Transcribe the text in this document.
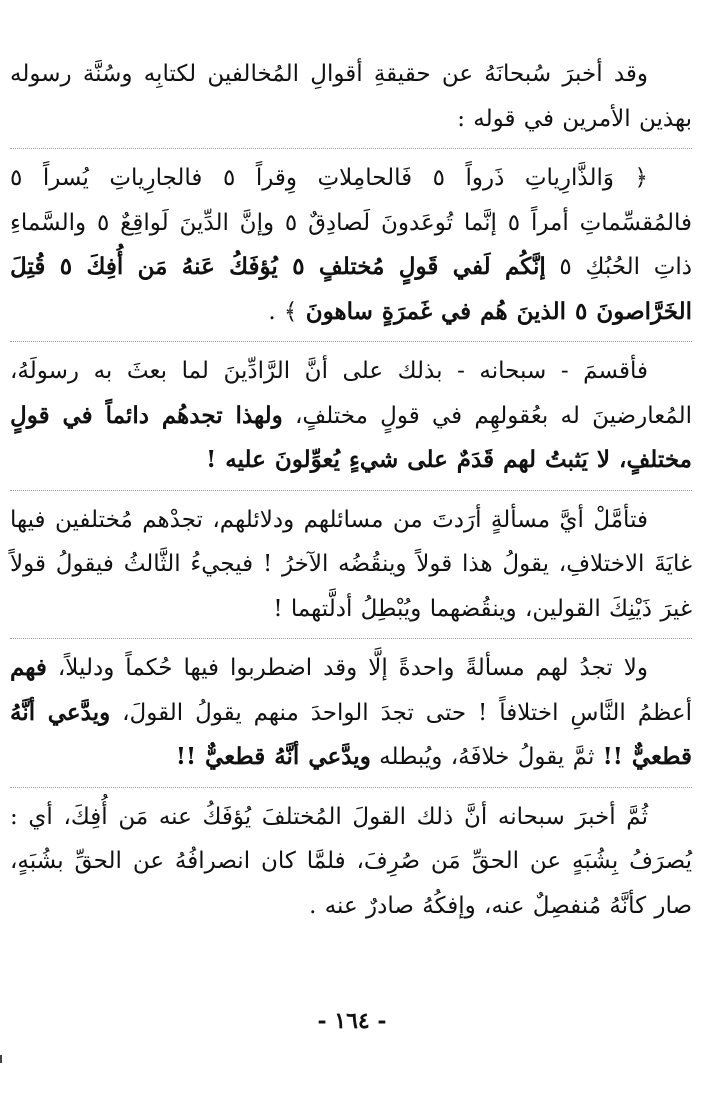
وقد أخبرَ سُبحانَهُ عن حقيقةِ أقوالِ المُخالفين لكتابِه وسُنَّة رسوله بهذين الأمرين في قوله :

﴿ وَالذَّارِياتِ ذَرواً ٥ فَالحامِلاتِ وِقراً ٥ فالجارِياتِ يُسراً ٥ فالمُقسِّماتِ أمراً ٥ إنَّما تُوعَدونَ لَصادِقٌ ٥ وإنَّ الدِّينَ لَواقِعٌ ٥ والسَّماءِ ذاتِ الحُبُكِ ٥ إنَّكُم لَفي قَولٍ مُختلفٍ ٥ يُؤفَكُ عَنهُ مَن أُفِكَ ٥ قُتِلَ الخَرَّاصونَ ٥ الذينَ هُم في غَمرَةٍ ساهونَ ﴾ .

فأقسمَ - سبحانه - بذلك على أنَّ الرَّادِّينَ لما بعثَ به رسولَهُ، المُعارضينَ له بعُقولهِم في قولٍ مختلفٍ، ولهذا تجدهُم دائماً في قولٍ مختلفٍ، لا يَثبتُ لهم قَدَمٌ على شيءٍ يُعوِّلونَ عليه !

فتأمَّلْ أيَّ مسألةٍ أرَدتَ من مسائلهم ودلائلهم، تجدْهم مُختلفين فيها غايَةَ الاختلافِ، يقولُ هذا قولاً وينقُضُه الآخرُ ! فيجيءُ الثَّالثُ فيقولُ قولاً غيرَ ذَيْنِكَ القولين، وينقُضهما ويُبْطِلُ أدلَّتهما !

ولا تجدُ لهم مسألةً واحدةً إلَّا وقد اضطربوا فيها حُكماً ودليلاً، فهم أعظمُ النَّاسِ اختلافاً ! حتى تجدَ الواحدَ منهم يقولُ القولَ، ويدَّعي أنَّهُ قطعيٌّ !! ثمَّ يقولُ خلافَهُ، ويُبطله ويدَّعي أنَّهُ قطعيٌّ !!

ثُمَّ أخبرَ سبحانه أنَّ ذلك القولَ المُختلفَ يُؤفَكُ عنه مَن أُفِكَ، أي : يُصرَفُ بِشُبَهٍ عن الحقِّ مَن صُرِفَ، فلمَّا كان انصرافُهُ عن الحقِّ بشُبَهٍ، صار كأنَّهُ مُنفصِلٌ عنه، وإفكُهُ صادرٌ عنه .

- ١٦٤ -
